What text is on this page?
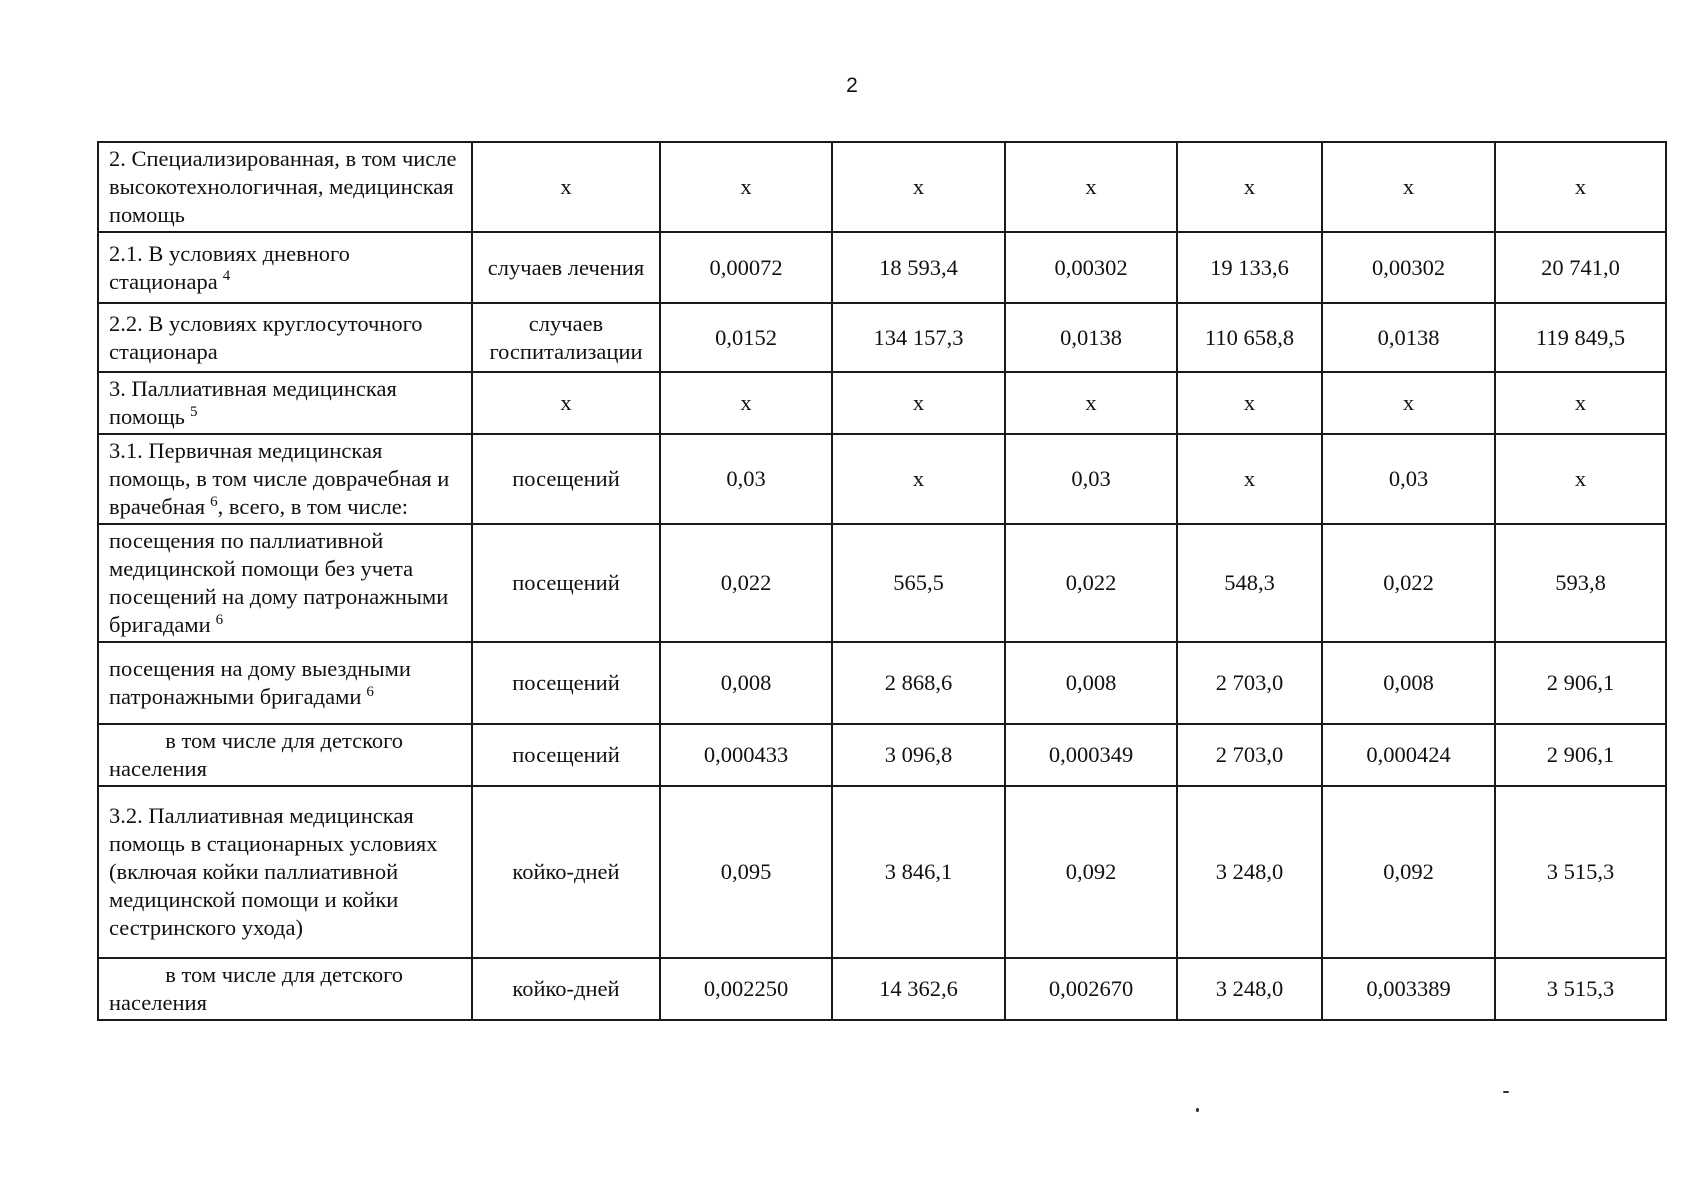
2
2. Специализированная, в том числе высокотехнологичная, медицинская помощь	х	х	х	х	х	х	х
2.1. В условиях дневного стационара $^4$	случаев лечения	0,00072	18 593,4	0,00302	19 133,6	0,00302	20 741,0
2.2. В условиях круглосуточного стационара	случаев госпитализации	0,0152	134 157,3	0,0138	110 658,8	0,0138	119 849,5
3. Паллиативная медицинская помощь $^5$	х	х	х	х	х	х	х
3.1. Первичная медицинская помощь, в том числе доврачебная и врачебная $^6$, всего, в том числе:	посещений	0,03	х	0,03	х	0,03	х
посещения по паллиативной медицинской помощи без учета посещений на дому патронажными бригадами $^6$	посещений	0,022	565,5	0,022	548,3	0,022	593,8
посещения на дому выездными патронажными бригадами $^6$	посещений	0,008	2 868,6	0,008	2 703,0	0,008	2 906,1
в том числе для детского населения	посещений	0,000433	3 096,8	0,000349	2 703,0	0,000424	2 906,1
3.2. Паллиативная медицинская помощь в стационарных условиях (включая койки паллиативной медицинской помощи и койки сестринского ухода)	койко-дней	0,095	3 846,1	0,092	3 248,0	0,092	3 515,3
в том числе для детского населения	койко-дней	0,002250	14 362,6	0,002670	3 248,0	0,003389	3 515,3
